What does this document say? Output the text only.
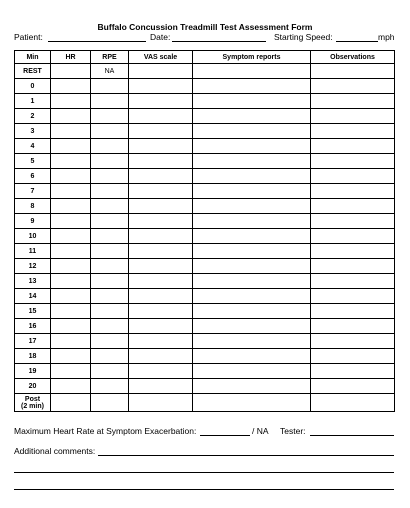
Buffalo Concussion Treadmill Test Assessment Form
Patient:	Date:	Starting Speed:	mph
Min	HR	RPE	VAS scale	Symptom reports	Observations
REST		NA			
0					
1					
2					
3					
4					
5					
6					
7					
8					
9					
10					
11					
12					
13					
14					
15					
16					
17					
18					
19					
20					

Post
(2 min)					

Maximum Heart Rate at Symptom Exacerbation:	/ NA Tester:
Additional comments:
